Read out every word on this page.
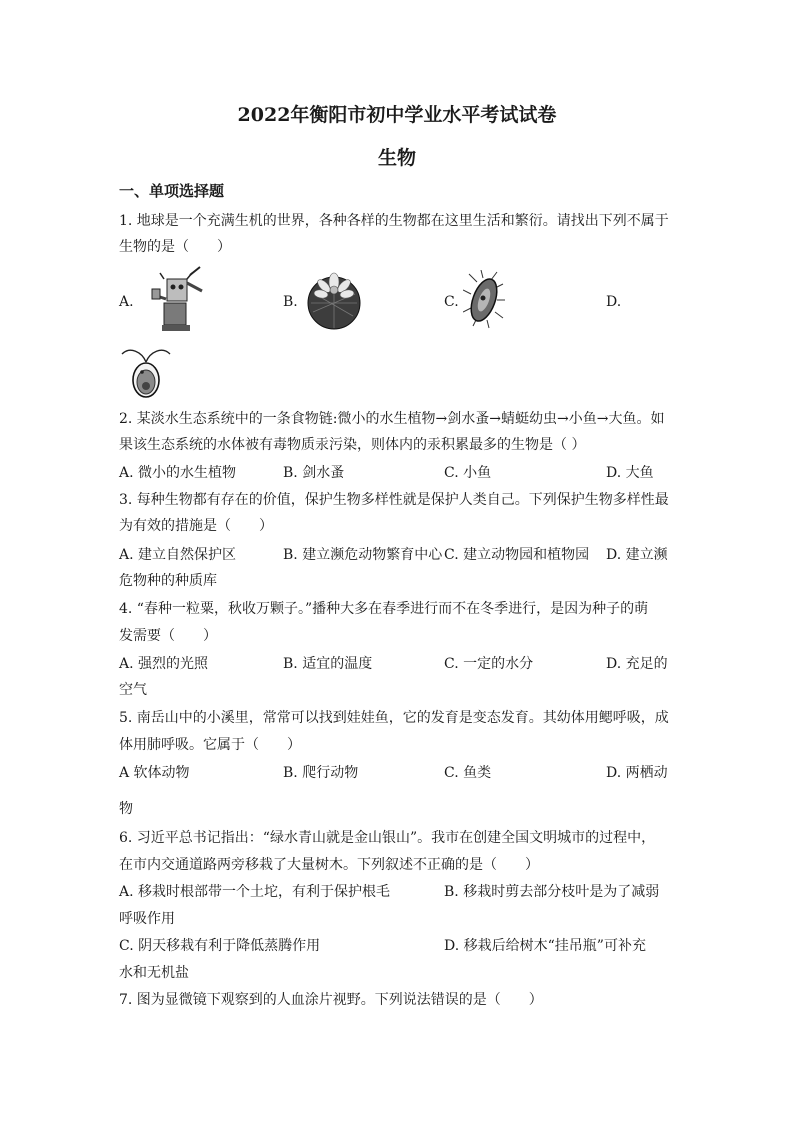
2022年衡阳市初中学业水平考试试卷
生物
一、单项选择题
1. 地球是一个充满生机的世界，各种各样的生物都在这里生活和繁衍。请找出下列不属于
生物的是（　　）
A.	B.	C.	D.
2. 某淡水生态系统中的一条食物链:微小的水生植物→剑水蚤→蜻蜓幼虫→小鱼→大鱼。如
果该生态系统的水体被有毒物质汞污染，则体内的汞积累最多的生物是（ ）
A. 微小的水生植物	B. 剑水蚤	C. 小鱼	D. 大鱼
3. 每种生物都有存在的价值，保护生物多样性就是保护人类自己。下列保护生物多样性最
为有效的措施是（　　）
A. 建立自然保护区	B. 建立濒危动物繁育中心 C. 建立动物园和植物园 D. 建立濒
危物种的种质库
4. “春种一粒粟，秋收万颗子。”播种大多在春季进行而不在冬季进行，是因为种子的萌
发需要（　　）
A. 强烈的光照	B. 适宜的温度	C. 一定的水分	D. 充足的
空气
5. 南岳山中的小溪里，常常可以找到娃娃鱼，它的发育是变态发育。其幼体用鳃呼吸，成
体用肺呼吸。它属于（　　）
A 软体动物	B. 爬行动物	C. 鱼类	D. 两栖动
物
6. 习近平总书记指出：“绿水青山就是金山银山”。我市在创建全国文明城市的过程中，
在市内交通道路两旁移栽了大量树木。下列叙述不正确的是（　　）
A. 移栽时根部带一个土坨，有利于保护根毛	B. 移栽时剪去部分枝叶是为了减弱
呼吸作用
C. 阴天移栽有利于降低蒸腾作用	D. 移栽后给树木“挂吊瓶”可补充
水和无机盐
7. 图为显微镜下观察到的人血涂片视野。下列说法错误的是（　　）
